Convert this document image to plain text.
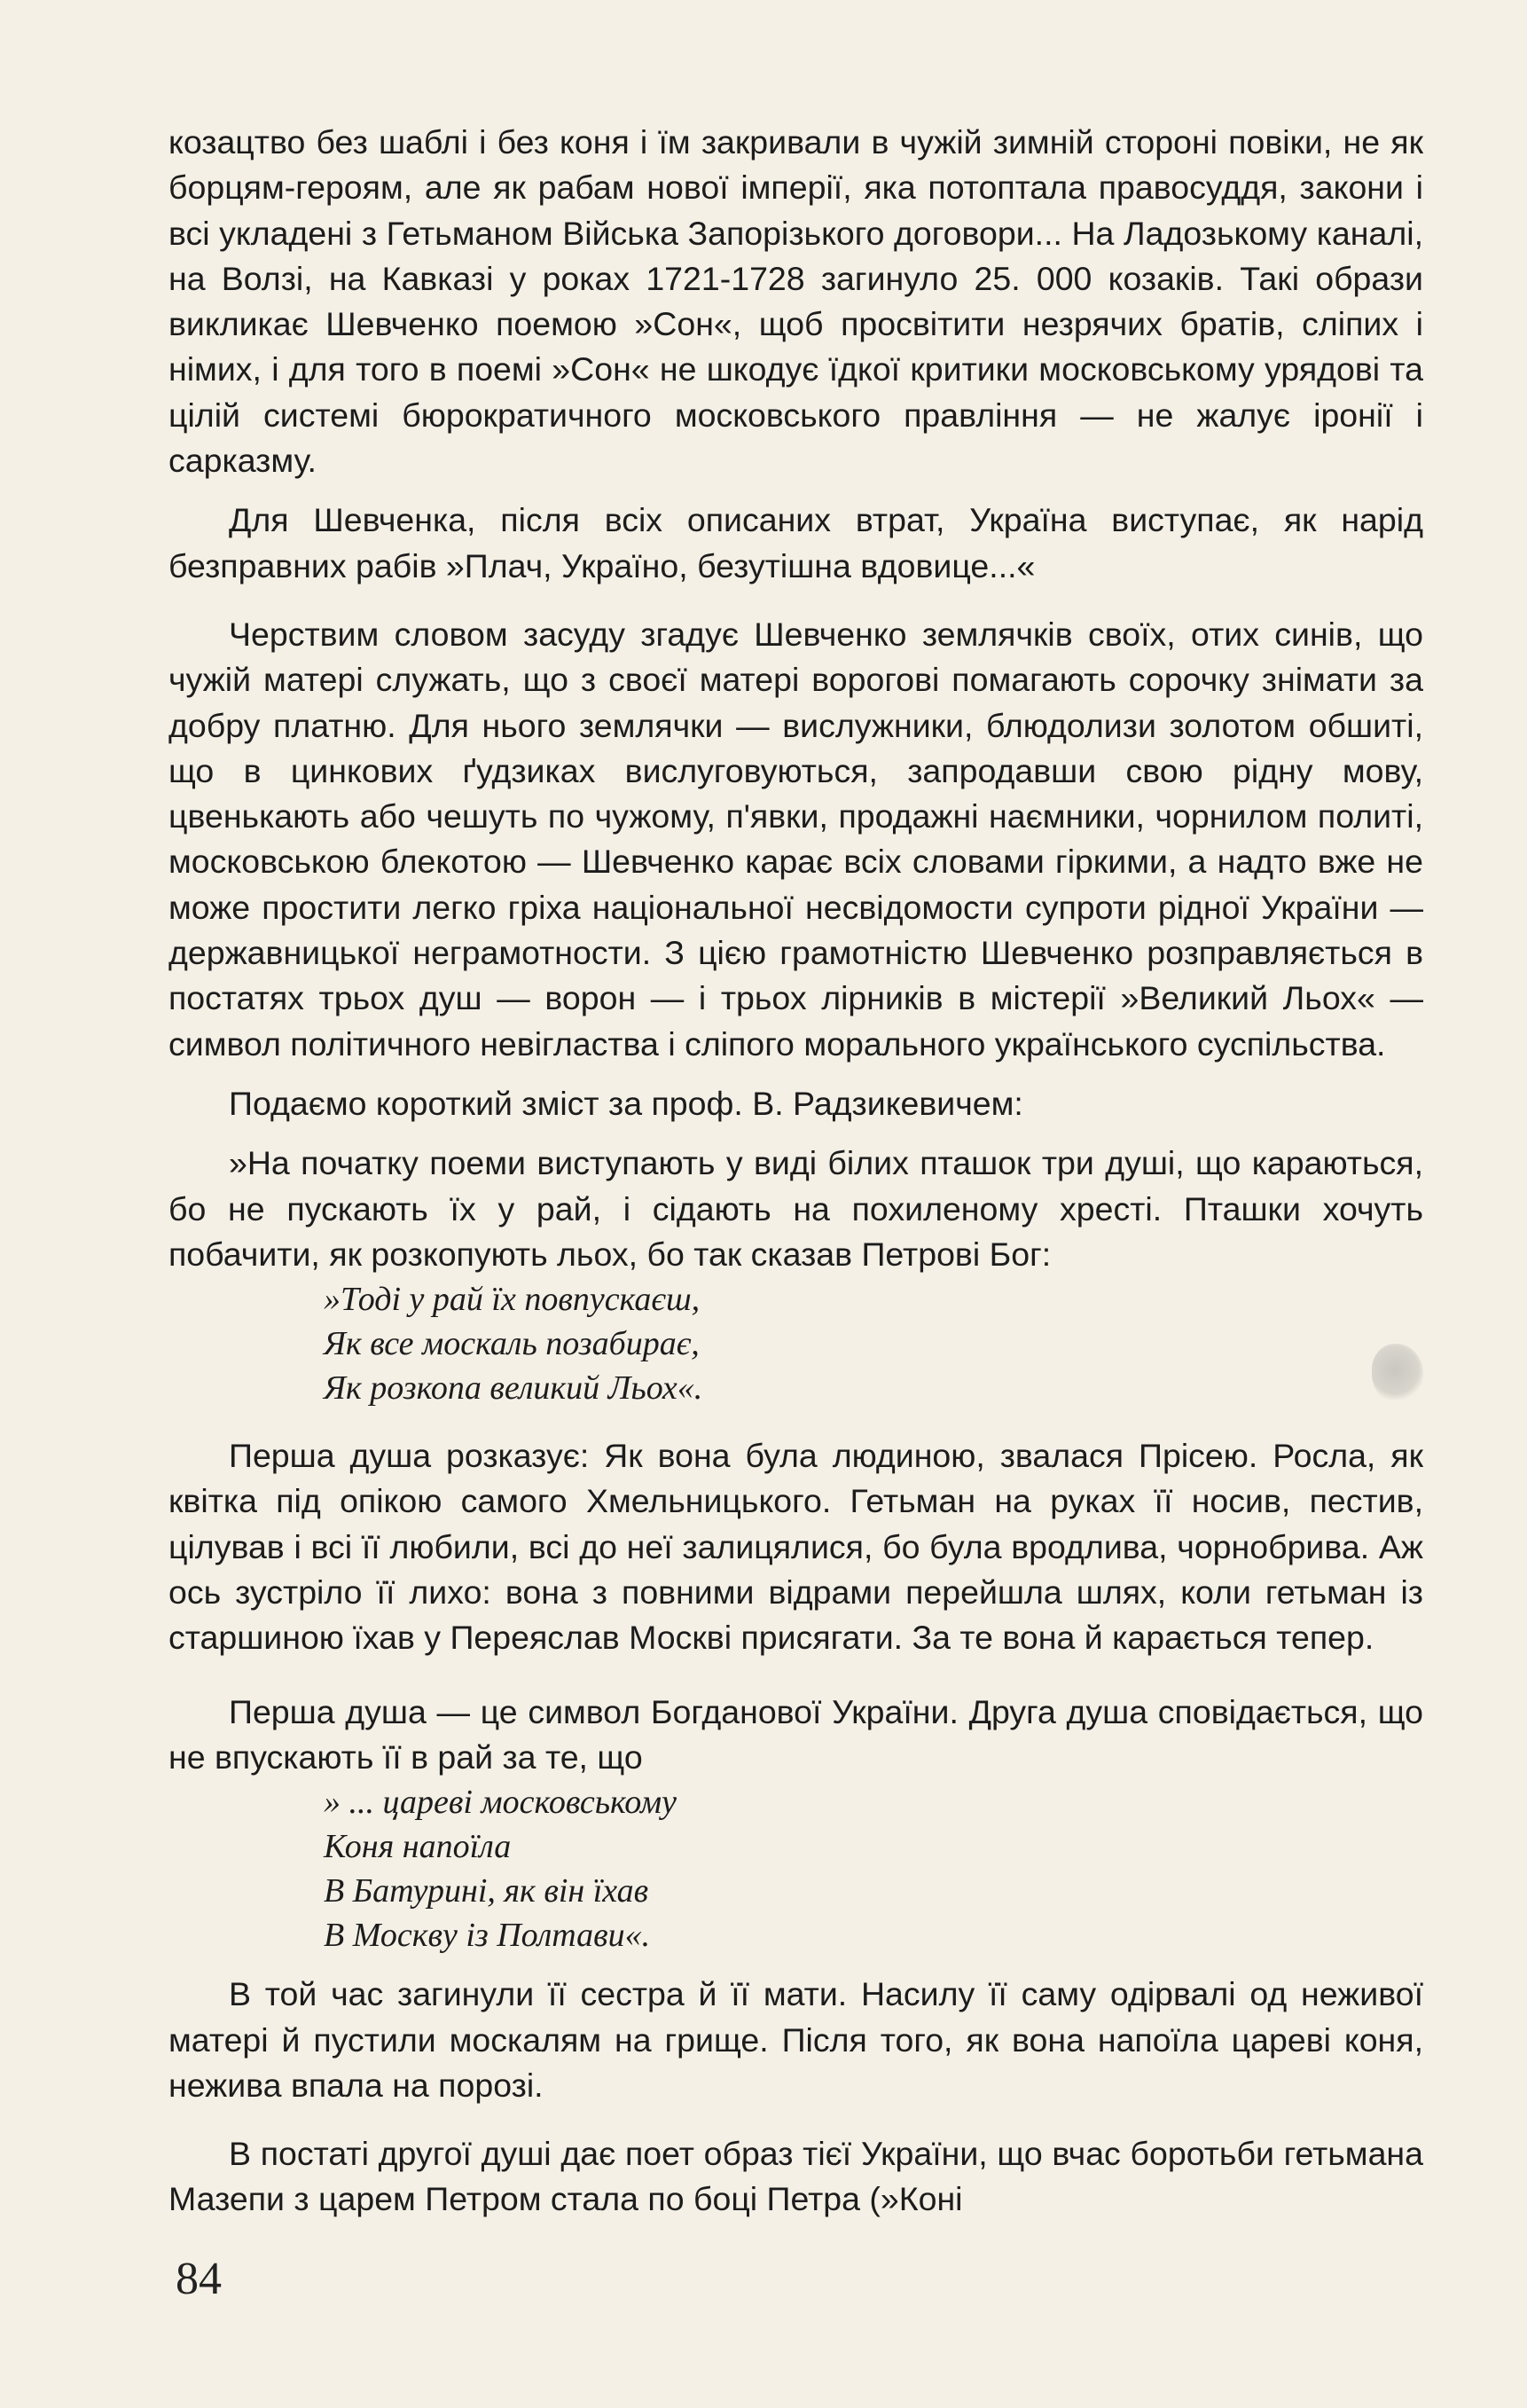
козацтво без шаблі і без коня і їм закривали в чужій зимній стороні повіки, не як борцям-героям, але як рабам нової імперії, яка потоптала правосуддя, закони і всі укладені з Гетьманом Війська Запорізького договори... На Ладозькому каналі, на Волзі, на Кавказі у роках 1721-1728 загинуло 25. 000 козаків. Такі образи викликає Шевченко поемою »Сон«, щоб просвітити незрячих братів, сліпих і німих, і для того в поемі »Сон« не шкодує їдкої критики московському урядові та цілій системі бюрократичного московського правління — не жалує іронії і сарказму.

Для Шевченка, після всіх описаних втрат, Україна виступає, як нарід безправних рабів »Плач, Україно, безутішна вдовице...«

Черствим словом засуду згадує Шевченко землячків своїх, отих синів, що чужій матері служать, що з своєї матері ворогові помагають сорочку знімати за добру платню. Для нього землячки — вислужники, блюдолизи золотом обшиті, що в цинкових ґудзиках вислуговуються, запродавши свою рідну мову, цвенькають або чешуть по чужому, п'явки, продажні наємники, чорнилом политі, московською блекотою — Шевченко карає всіх словами гіркими, а надто вже не може простити легко гріха національної несвідомости супроти рідної України — державницької неграмотности. З цією грамотністю Шевченко розправляється в постатях трьох душ — ворон — і трьох лірників в містерії »Великий Льох« — символ політичного невігластва і сліпого морального українського суспільства.

Подаємо короткий зміст за проф. В. Радзикевичем:

»На початку поеми виступають у виді білих пташок три душі, що караються, бо не пускають їх у рай, і сідають на похиленому хресті. Пташки хочуть побачити, як розкопують льох, бо так сказав Петрові Бог:

»Тоді у рай їх повпускаєш,
Як все москаль позабирає,
Як розкопа великий Льох«.

Перша душа розказує: Як вона була людиною, звалася Прісею. Росла, як квітка під опікою самого Хмельницького. Гетьман на руках її носив, пестив, цілував і всі її любили, всі до неї залицялися, бо була вродлива, чорнобрива. Аж ось зустріло її лихо: вона з повними відрами перейшла шлях, коли гетьман із старшиною їхав у Переяслав Москві присягати. За те вона й карається тепер.

Перша душа — це символ Богданової України. Друга душа сповідається, що не впускають її в рай за те, що

» ... цареві московському
Коня напоїла
В Батурині, як він їхав
В Москву із Полтави«.

В той час загинули її сестра й її мати. Насилу її саму одірвалі од неживої матері й пустили москалям на грище. Після того, як вона напоїла цареві коня, нежива впала на порозі.

В постаті другої душі дає поет образ тієї України, що вчас боротьби гетьмана Мазепи з царем Петром стала по боці Петра (»Коні

84
